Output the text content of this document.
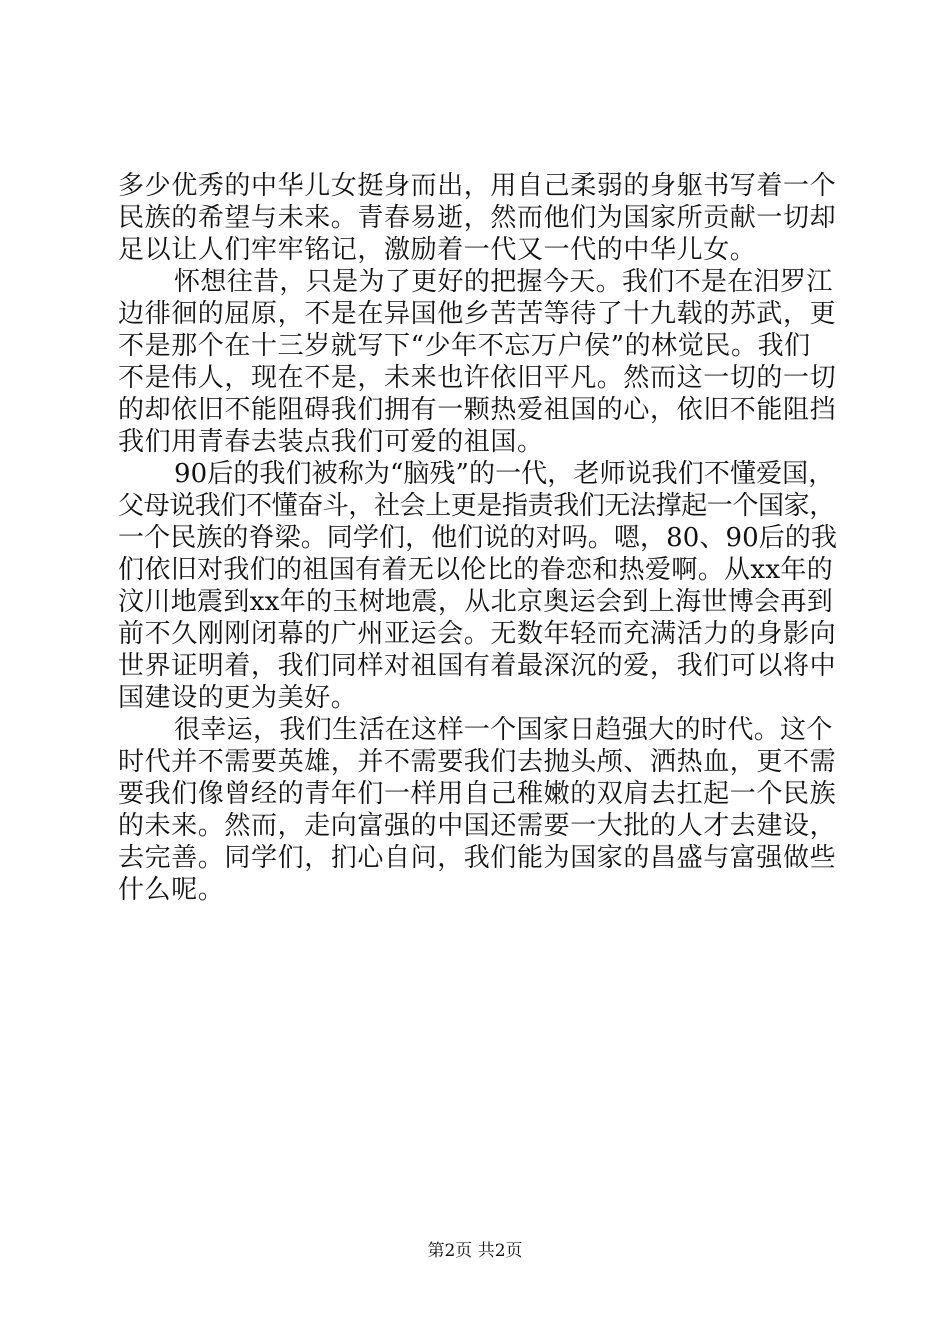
多少优秀的中华儿女挺身而出，用自己柔弱的身躯书写着一个
民族的希望与未来。青春易逝，然而他们为国家所贡献一切却
足以让人们牢牢铭记，激励着一代又一代的中华儿女。
怀想往昔，只是为了更好的把握今天。我们不是在汨罗江
边徘徊的屈原，不是在异国他乡苦苦等待了十九载的苏武，更
不是那个在十三岁就写下“少年不忘万户侯”的林觉民。我们
不是伟人，现在不是，未来也许依旧平凡。然而这一切的一切
的却依旧不能阻碍我们拥有一颗热爱祖国的心，依旧不能阻挡
我们用青春去装点我们可爱的祖国。
90后的我们被称为“脑残”的一代，老师说我们不懂爱国，
父母说我们不懂奋斗，社会上更是指责我们无法撑起一个国家，
一个民族的脊梁。同学们，他们说的对吗。嗯，80、90后的我
们依旧对我们的祖国有着无以伦比的眷恋和热爱啊。从xx年的
汶川地震到xx年的玉树地震，从北京奥运会到上海世博会再到
前不久刚刚闭幕的广州亚运会。无数年轻而充满活力的身影向
世界证明着，我们同样对祖国有着最深沉的爱，我们可以将中
国建设的更为美好。
很幸运，我们生活在这样一个国家日趋强大的时代。这个
时代并不需要英雄，并不需要我们去抛头颅、洒热血，更不需
要我们像曾经的青年们一样用自己稚嫩的双肩去扛起一个民族
的未来。然而，走向富强的中国还需要一大批的人才去建设，
去完善。同学们，扪心自问，我们能为国家的昌盛与富强做些
什么呢。
第2页 共2页
